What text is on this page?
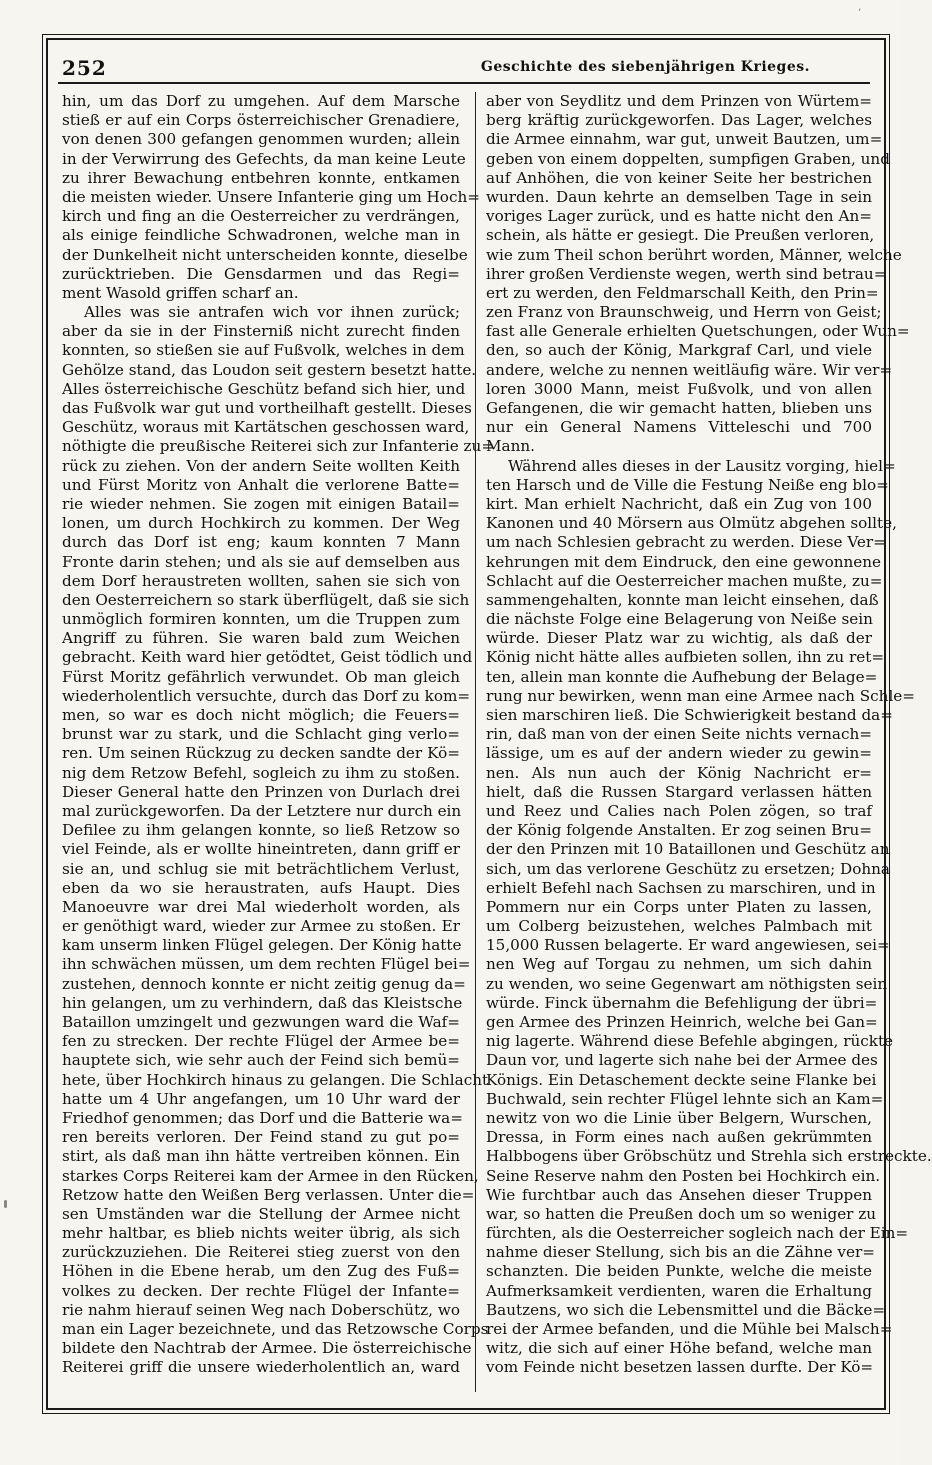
’
252	Geschichte des siebenjährigen Krieges.
hin, um das Dorf zu umgehen. Auf dem Marsche
stieß er auf ein Corps österreichischer Grenadiere,
von denen 300 gefangen genommen wurden; allein
in der Verwirrung des Gefechts, da man keine Leute
zu ihrer Bewachung entbehren konnte, entkamen
die meisten wieder. Unsere Infanterie ging um Hoch=
kirch und fing an die Oesterreicher zu verdrängen,
als einige feindliche Schwadronen, welche man in
der Dunkelheit nicht unterscheiden konnte, dieselbe
zurücktrieben. Die Gensdarmen und das Regi=
ment Wasold griffen scharf an.
Alles was sie antrafen wich vor ihnen zurück;
aber da sie in der Finsterniß nicht zurecht finden
konnten, so stießen sie auf Fußvolk, welches in dem
Gehölze stand, das Loudon seit gestern besetzt hatte.
Alles österreichische Geschütz befand sich hier, und
das Fußvolk war gut und vortheilhaft gestellt. Dieses
Geschütz, woraus mit Kartätschen geschossen ward,
nöthigte die preußische Reiterei sich zur Infanterie zu=
rück zu ziehen. Von der andern Seite wollten Keith
und Fürst Moritz von Anhalt die verlorene Batte=
rie wieder nehmen. Sie zogen mit einigen Batail=
lonen, um durch Hochkirch zu kommen. Der Weg
durch das Dorf ist eng; kaum konnten 7 Mann
Fronte darin stehen; und als sie auf demselben aus
dem Dorf heraustreten wollten, sahen sie sich von
den Oesterreichern so stark überflügelt, daß sie sich
unmöglich formiren konnten, um die Truppen zum
Angriff zu führen. Sie waren bald zum Weichen
gebracht. Keith ward hier getödtet, Geist tödlich und
Fürst Moritz gefährlich verwundet. Ob man gleich
wiederholentlich versuchte, durch das Dorf zu kom=
men, so war es doch nicht möglich; die Feuers=
brunst war zu stark, und die Schlacht ging verlo=
ren. Um seinen Rückzug zu decken sandte der Kö=
nig dem Retzow Befehl, sogleich zu ihm zu stoßen.
Dieser General hatte den Prinzen von Durlach drei
mal zurückgeworfen. Da der Letztere nur durch ein
Defilee zu ihm gelangen konnte, so ließ Retzow so
viel Feinde, als er wollte hineintreten, dann griff er
sie an, und schlug sie mit beträchtlichem Verlust,
eben da wo sie heraustraten, aufs Haupt. Dies
Manoeuvre war drei Mal wiederholt worden, als
er genöthigt ward, wieder zur Armee zu stoßen. Er
kam unserm linken Flügel gelegen. Der König hatte
ihn schwächen müssen, um dem rechten Flügel bei=
zustehen, dennoch konnte er nicht zeitig genug da=
hin gelangen, um zu verhindern, daß das Kleistsche
Bataillon umzingelt und gezwungen ward die Waf=
fen zu strecken. Der rechte Flügel der Armee be=
hauptete sich, wie sehr auch der Feind sich bemü=
hete, über Hochkirch hinaus zu gelangen. Die Schlacht
hatte um 4 Uhr angefangen, um 10 Uhr ward der
Friedhof genommen; das Dorf und die Batterie wa=
ren bereits verloren. Der Feind stand zu gut po=
stirt, als daß man ihn hätte vertreiben können. Ein
starkes Corps Reiterei kam der Armee in den Rücken,
Retzow hatte den Weißen Berg verlassen. Unter die=
sen Umständen war die Stellung der Armee nicht
mehr haltbar, es blieb nichts weiter übrig, als sich
zurückzuziehen. Die Reiterei stieg zuerst von den
Höhen in die Ebene herab, um den Zug des Fuß=
volkes zu decken. Der rechte Flügel der Infante=
rie nahm hierauf seinen Weg nach Doberschütz, wo
man ein Lager bezeichnete, und das Retzowsche Corps
bildete den Nachtrab der Armee. Die österreichische
Reiterei griff die unsere wiederholentlich an, ward
aber von Seydlitz und dem Prinzen von Würtem=
berg kräftig zurückgeworfen. Das Lager, welches
die Armee einnahm, war gut, unweit Bautzen, um=
geben von einem doppelten, sumpfigen Graben, und
auf Anhöhen, die von keiner Seite her bestrichen
wurden. Daun kehrte an demselben Tage in sein
voriges Lager zurück, und es hatte nicht den An=
schein, als hätte er gesiegt. Die Preußen verloren,
wie zum Theil schon berührt worden, Männer, welche
ihrer großen Verdienste wegen, werth sind betrau=
ert zu werden, den Feldmarschall Keith, den Prin=
zen Franz von Braunschweig, und Herrn von Geist;
fast alle Generale erhielten Quetschungen, oder Wun=
den, so auch der König, Markgraf Carl, und viele
andere, welche zu nennen weitläufig wäre. Wir ver=
loren 3000 Mann, meist Fußvolk, und von allen
Gefangenen, die wir gemacht hatten, blieben uns
nur ein General Namens Vitteleschi und 700
Mann.
Während alles dieses in der Lausitz vorging, hiel=
ten Harsch und de Ville die Festung Neiße eng blo=
kirt. Man erhielt Nachricht, daß ein Zug von 100
Kanonen und 40 Mörsern aus Olmütz abgehen sollte,
um nach Schlesien gebracht zu werden. Diese Ver=
kehrungen mit dem Eindruck, den eine gewonnene
Schlacht auf die Oesterreicher machen mußte, zu=
sammengehalten, konnte man leicht einsehen, daß
die nächste Folge eine Belagerung von Neiße sein
würde. Dieser Platz war zu wichtig, als daß der
König nicht hätte alles aufbieten sollen, ihn zu ret=
ten, allein man konnte die Aufhebung der Belage=
rung nur bewirken, wenn man eine Armee nach Schle=
sien marschiren ließ. Die Schwierigkeit bestand da=
rin, daß man von der einen Seite nichts vernach=
lässige, um es auf der andern wieder zu gewin=
nen. Als nun auch der König Nachricht er=
hielt, daß die Russen Stargard verlassen hätten
und Reez und Calies nach Polen zögen, so traf
der König folgende Anstalten. Er zog seinen Bru=
der den Prinzen mit 10 Bataillonen und Geschütz an
sich, um das verlorene Geschütz zu ersetzen; Dohna
erhielt Befehl nach Sachsen zu marschiren, und in
Pommern nur ein Corps unter Platen zu lassen,
um Colberg beizustehen, welches Palmbach mit
15,000 Russen belagerte. Er ward angewiesen, sei=
nen Weg auf Torgau zu nehmen, um sich dahin
zu wenden, wo seine Gegenwart am nöthigsten sein
würde. Finck übernahm die Befehligung der übri=
gen Armee des Prinzen Heinrich, welche bei Gan=
nig lagerte. Während diese Befehle abgingen, rückte
Daun vor, und lagerte sich nahe bei der Armee des
Königs. Ein Detaschement deckte seine Flanke bei
Buchwald, sein rechter Flügel lehnte sich an Kam=
newitz von wo die Linie über Belgern, Wurschen,
Dressa, in Form eines nach außen gekrümmten
Halbbogens über Gröbschütz und Strehla sich erstreckte.
Seine Reserve nahm den Posten bei Hochkirch ein.
Wie furchtbar auch das Ansehen dieser Truppen
war, so hatten die Preußen doch um so weniger zu
fürchten, als die Oesterreicher sogleich nach der Ein=
nahme dieser Stellung, sich bis an die Zähne ver=
schanzten. Die beiden Punkte, welche die meiste
Aufmerksamkeit verdienten, waren die Erhaltung
Bautzens, wo sich die Lebensmittel und die Bäcke=
rei der Armee befanden, und die Mühle bei Malsch=
witz, die sich auf einer Höhe befand, welche man
vom Feinde nicht besetzen lassen durfte. Der Kö=
